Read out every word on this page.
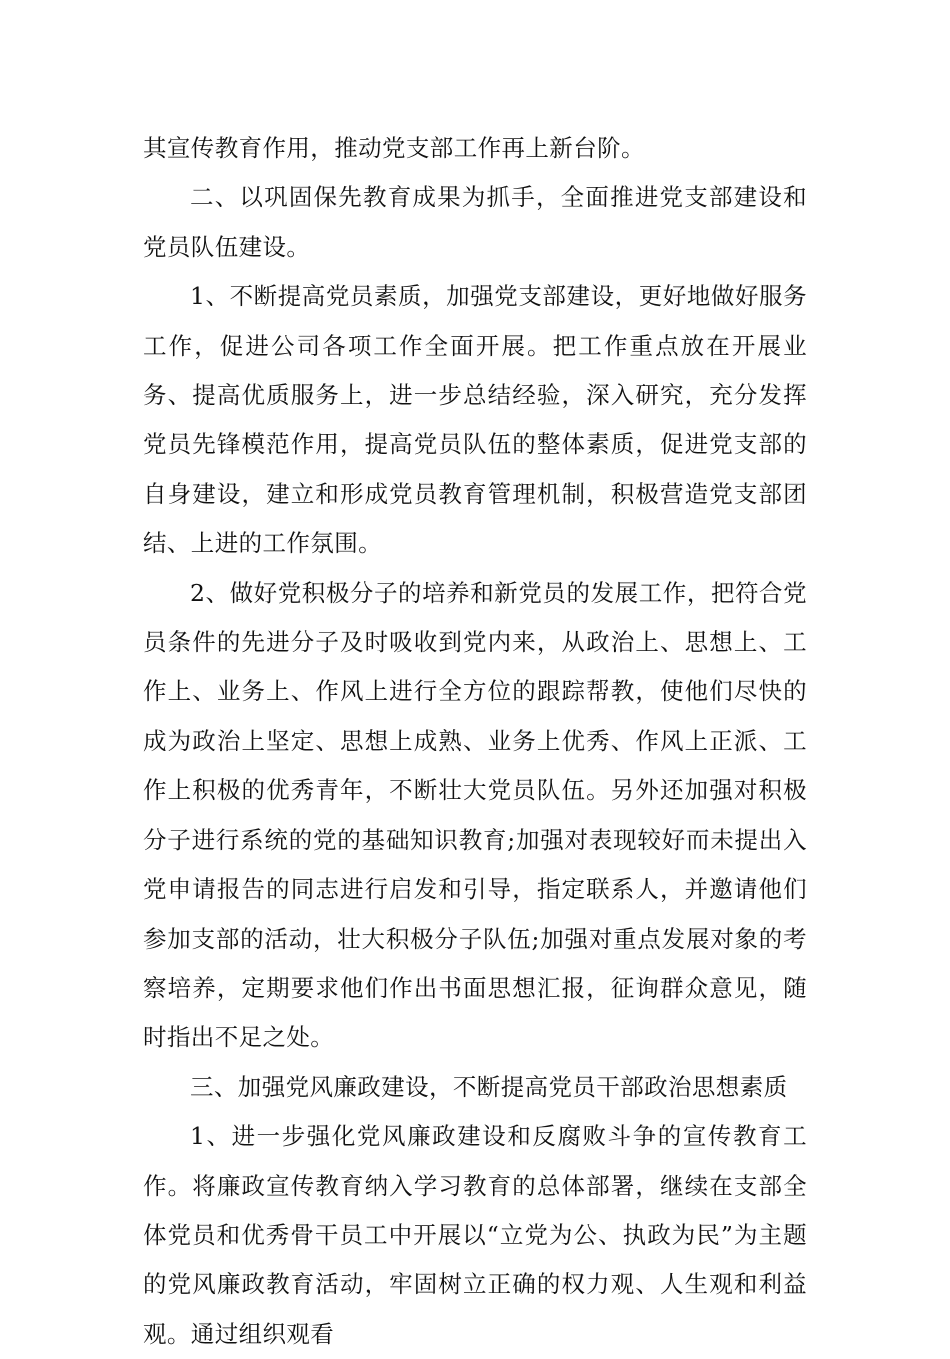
其宣传教育作用，推动党支部工作再上新台阶。

二、以巩固保先教育成果为抓手，全面推进党支部建设和党员队伍建设。

1、不断提高党员素质，加强党支部建设，更好地做好服务工作，促进公司各项工作全面开展。把工作重点放在开展业务、提高优质服务上，进一步总结经验，深入研究，充分发挥党员先锋模范作用，提高党员队伍的整体素质，促进党支部的自身建设，建立和形成党员教育管理机制，积极营造党支部团结、上进的工作氛围。

2、做好党积极分子的培养和新党员的发展工作，把符合党员条件的先进分子及时吸收到党内来，从政治上、思想上、工作上、业务上、作风上进行全方位的跟踪帮教，使他们尽快的成为政治上坚定、思想上成熟、业务上优秀、作风上正派、工作上积极的优秀青年，不断壮大党员队伍。另外还加强对积极分子进行系统的党的基础知识教育;加强对表现较好而未提出入党申请报告的同志进行启发和引导，指定联系人，并邀请他们参加支部的活动，壮大积极分子队伍;加强对重点发展对象的考察培养，定期要求他们作出书面思想汇报，征询群众意见，随时指出不足之处。

三、加强党风廉政建设，不断提高党员干部政治思想素质

1、进一步强化党风廉政建设和反腐败斗争的宣传教育工作。将廉政宣传教育纳入学习教育的总体部署，继续在支部全体党员和优秀骨干员工中开展以“立党为公、执政为民”为主题的党风廉政教育活动，牢固树立正确的权力观、人生观和利益观。通过组织观看
